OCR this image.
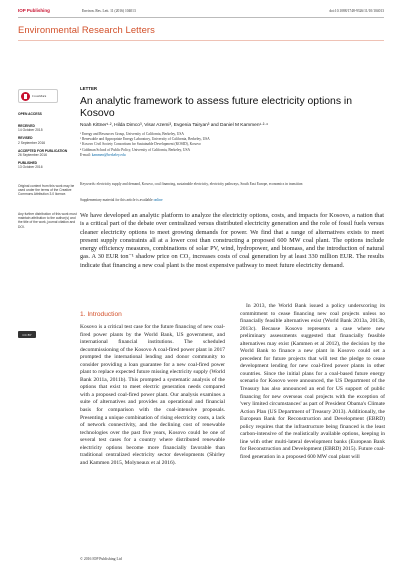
IOP Publishing	Environ. Res. Lett. 11 (2016) 104013	doi:10.1088/1748-9326/11/10/104013
Environmental Research Letters
CrossMark
OPEN ACCESS
RECEIVED
14 October 2015
REVISED
2 September 2016
ACCEPTED FOR PUBLICATION
26 September 2016
PUBLISHED
13 October 2016
Original content from this work may be used under the terms of the Creative Commons Attribution 3.0 licence.
CC BY
Any further distribution of this work must maintain attribution to the author(s) and the title of the work, journal citation and DOI.
LETTER
An analytic framework to assess future electricity options in Kosovo
Noah Kittner¹·², Hilda Dimco³, Visar Azemi³, Evgenia Tairyan³ and Daniel M Kammen¹·²·⁴
¹ Energy and Resources Group, University of California, Berkeley, USA
² Renewable and Appropriate Energy Laboratory, University of California, Berkeley, USA
³ Kosovo Civil Society Consortium for Sustainable Development (KOSID), Kosovo
⁴ Goldman School of Public Policy, University of California, Berkeley, USA
E-mail: kammen@berkeley.edu
Keywords: electricity supply and demand, Kosovo, coal financing, sustainable electricity, electricity pathways, South East Europe, economics in transition
Supplementary material for this article is available online
We have developed an analytic platform to analyze the electricity options, costs, and impacts for Kosovo, a nation that is a critical part of the debate over centralized versus distributed electricity generation and the role of fossil fuels versus cleaner electricity options to meet growing demands for power. We find that a range of alternatives exists to meet present supply constraints all at a lower cost than constructing a proposed 600 MW coal plant. The options include energy efficiency measures, combinations of solar PV, wind, hydropower, and biomass, and the introduction of natural gas. A 30 EUR ton⁻¹ shadow price on CO₂ increases costs of coal generation by at least 330 million EUR. The results indicate that financing a new coal plant is the most expensive pathway to meet future electricity demand.
1. Introduction

Kosovo is a critical test case for the future financing of new coal-fired power plants by the World Bank, US government, and international financial institutions. The scheduled decommissioning of the Kosovo A coal-fired power plant in 2017 prompted the international lending and donor community to consider providing a loan guarantee for a new coal-fired power plant to replace expected future missing electricity supply (World Bank 2011a, 2011b). This prompted a systematic analysis of the options that exist to meet electric generation needs compared with a proposed coal-fired power plant. Our analysis examines a suite of alternatives and provides an operational and financial basis for comparison with the coal-intensive proposals. Presenting a unique combination of rising electricity costs, a lack of network connectivity, and the declining cost of renewable technologies over the past five years, Kosovo could be one of several test cases for a country where distributed renewable electricity options become more financially favorable than traditional centralized electricity sector developments (Shirley and Kammen 2015, Molyneaux et al 2016).

In 2013, the World Bank issued a policy underscoring its commitment to cease financing new coal projects unless no financially feasible alternatives exist (World Bank 2013a, 2013b, 2013c). Because Kosovo represents a case where new preliminary assessments suggested that financially feasible alternatives may exist (Kammen et al 2012), the decision by the World Bank to finance a new plant in Kosovo could set a precedent for future projects that will test the pledge to cease development lending for new coal-fired power plants in other countries. Since the initial plans for a coal-based future energy scenario for Kosovo were announced, the US Department of the Treasury has also announced an end for US support of public financing for new overseas coal projects with the exception of 'very limited circumstances' as part of President Obama's Climate Action Plan (US Department of Treasury 2013). Additionally, the European Bank for Reconstruction and Development (EBRD) policy requires that the infrastructure being financed is the least carbon-intensive of the realistically available options, keeping in line with other multi-lateral development banks (European Bank for Reconstruction and Development (EBRD) 2015). Future coal-fired generation in a proposed 600 MW coal plant will

© 2016 IOP Publishing Ltd
